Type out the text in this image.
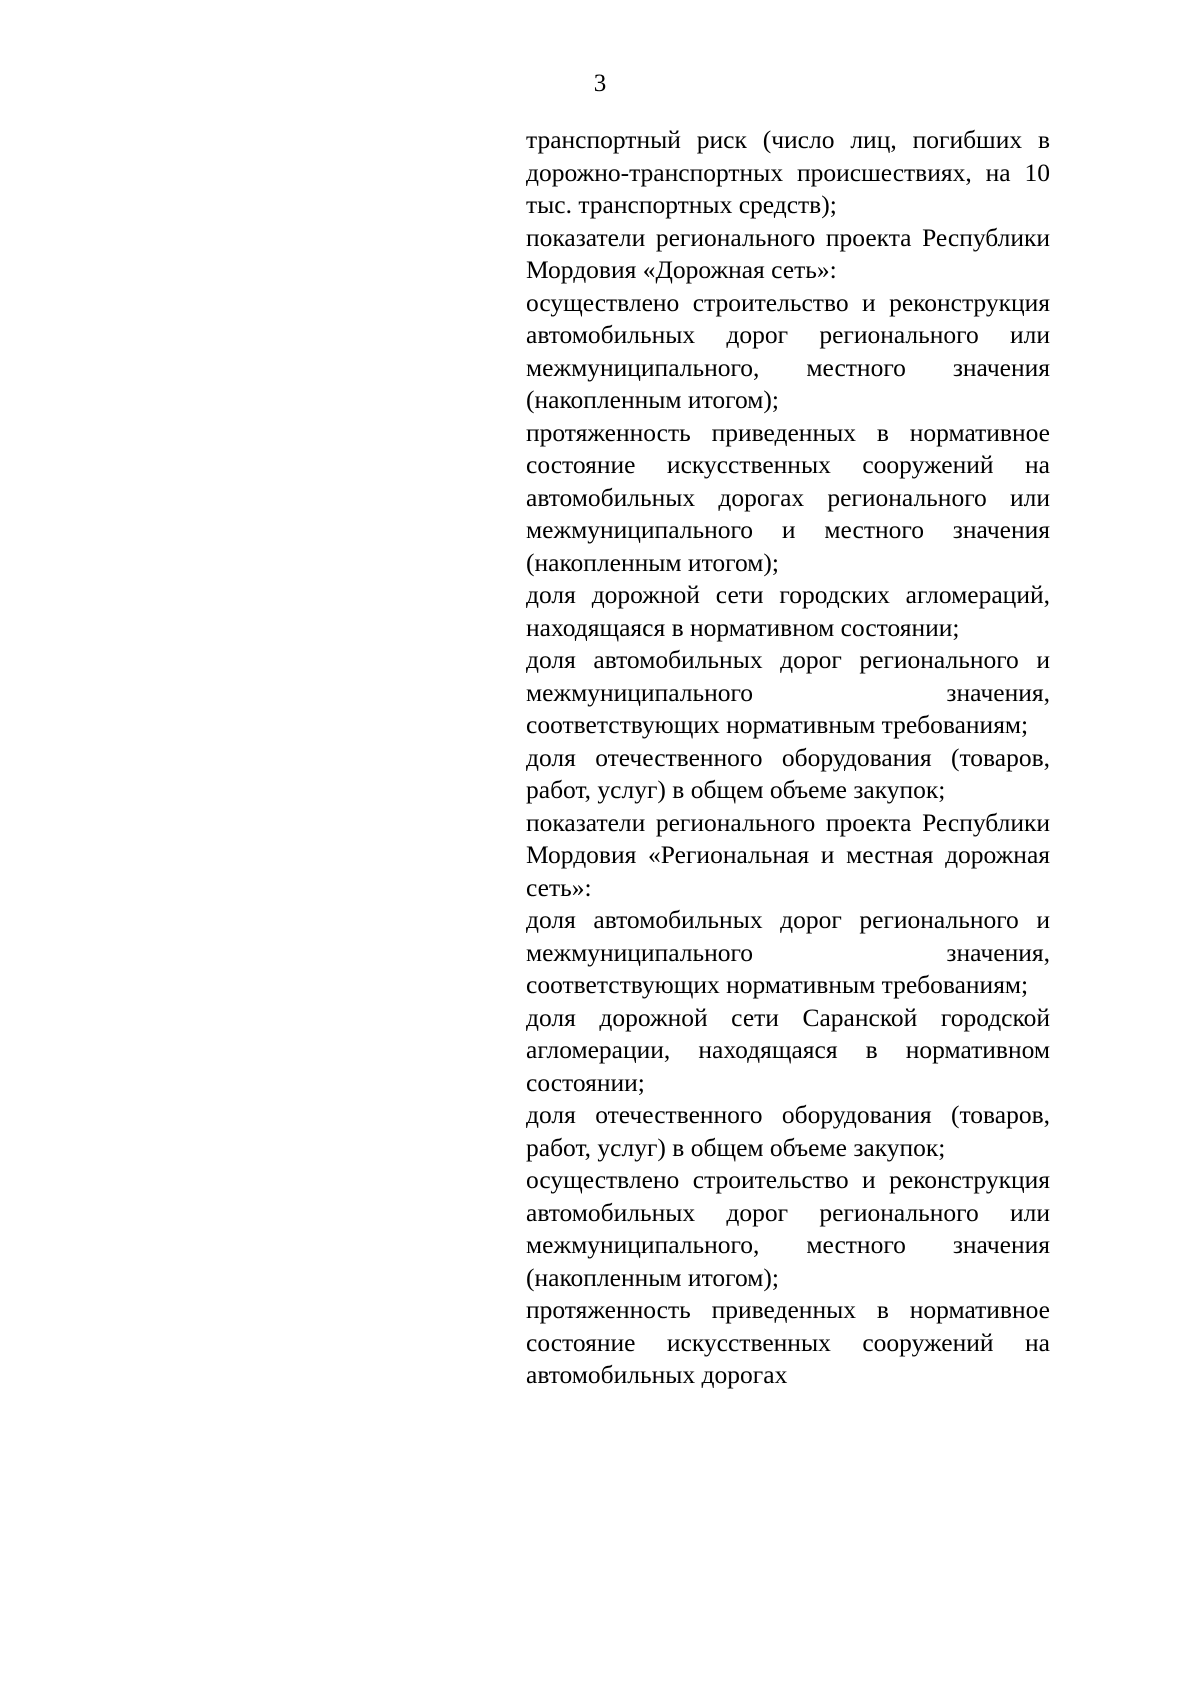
3

транспортный риск (число лиц, погибших в дорожно-транспортных происшествиях, на 10 тыс. транспортных средств);

показатели регионального проекта Республики Мордовия «Дорожная сеть»:

осуществлено строительство и реконструкция автомобильных дорог регионального или межмуниципального, местного значения (накопленным итогом);

протяженность приведенных в нормативное состояние искусственных сооружений на автомобильных дорогах регионального или межмуниципального и местного значения (накопленным итогом);

доля дорожной сети городских агломераций, находящаяся в нормативном состоянии;

доля автомобильных дорог регионального и межмуниципального значения, соответствующих нормативным требованиям;

доля отечественного оборудования (товаров, работ, услуг) в общем объеме закупок;

показатели регионального проекта Республики Мордовия «Региональная и местная дорожная сеть»:

доля автомобильных дорог регионального и межмуниципального значения, соответствующих нормативным требованиям;

доля дорожной сети Саранской городской агломерации, находящаяся в нормативном состоянии;

доля отечественного оборудования (товаров, работ, услуг) в общем объеме закупок;

осуществлено строительство и реконструкция автомобильных дорог регионального или межмуниципального, местного значения (накопленным итогом);

протяженность приведенных в нормативное состояние искусственных сооружений на автомобильных дорогах
